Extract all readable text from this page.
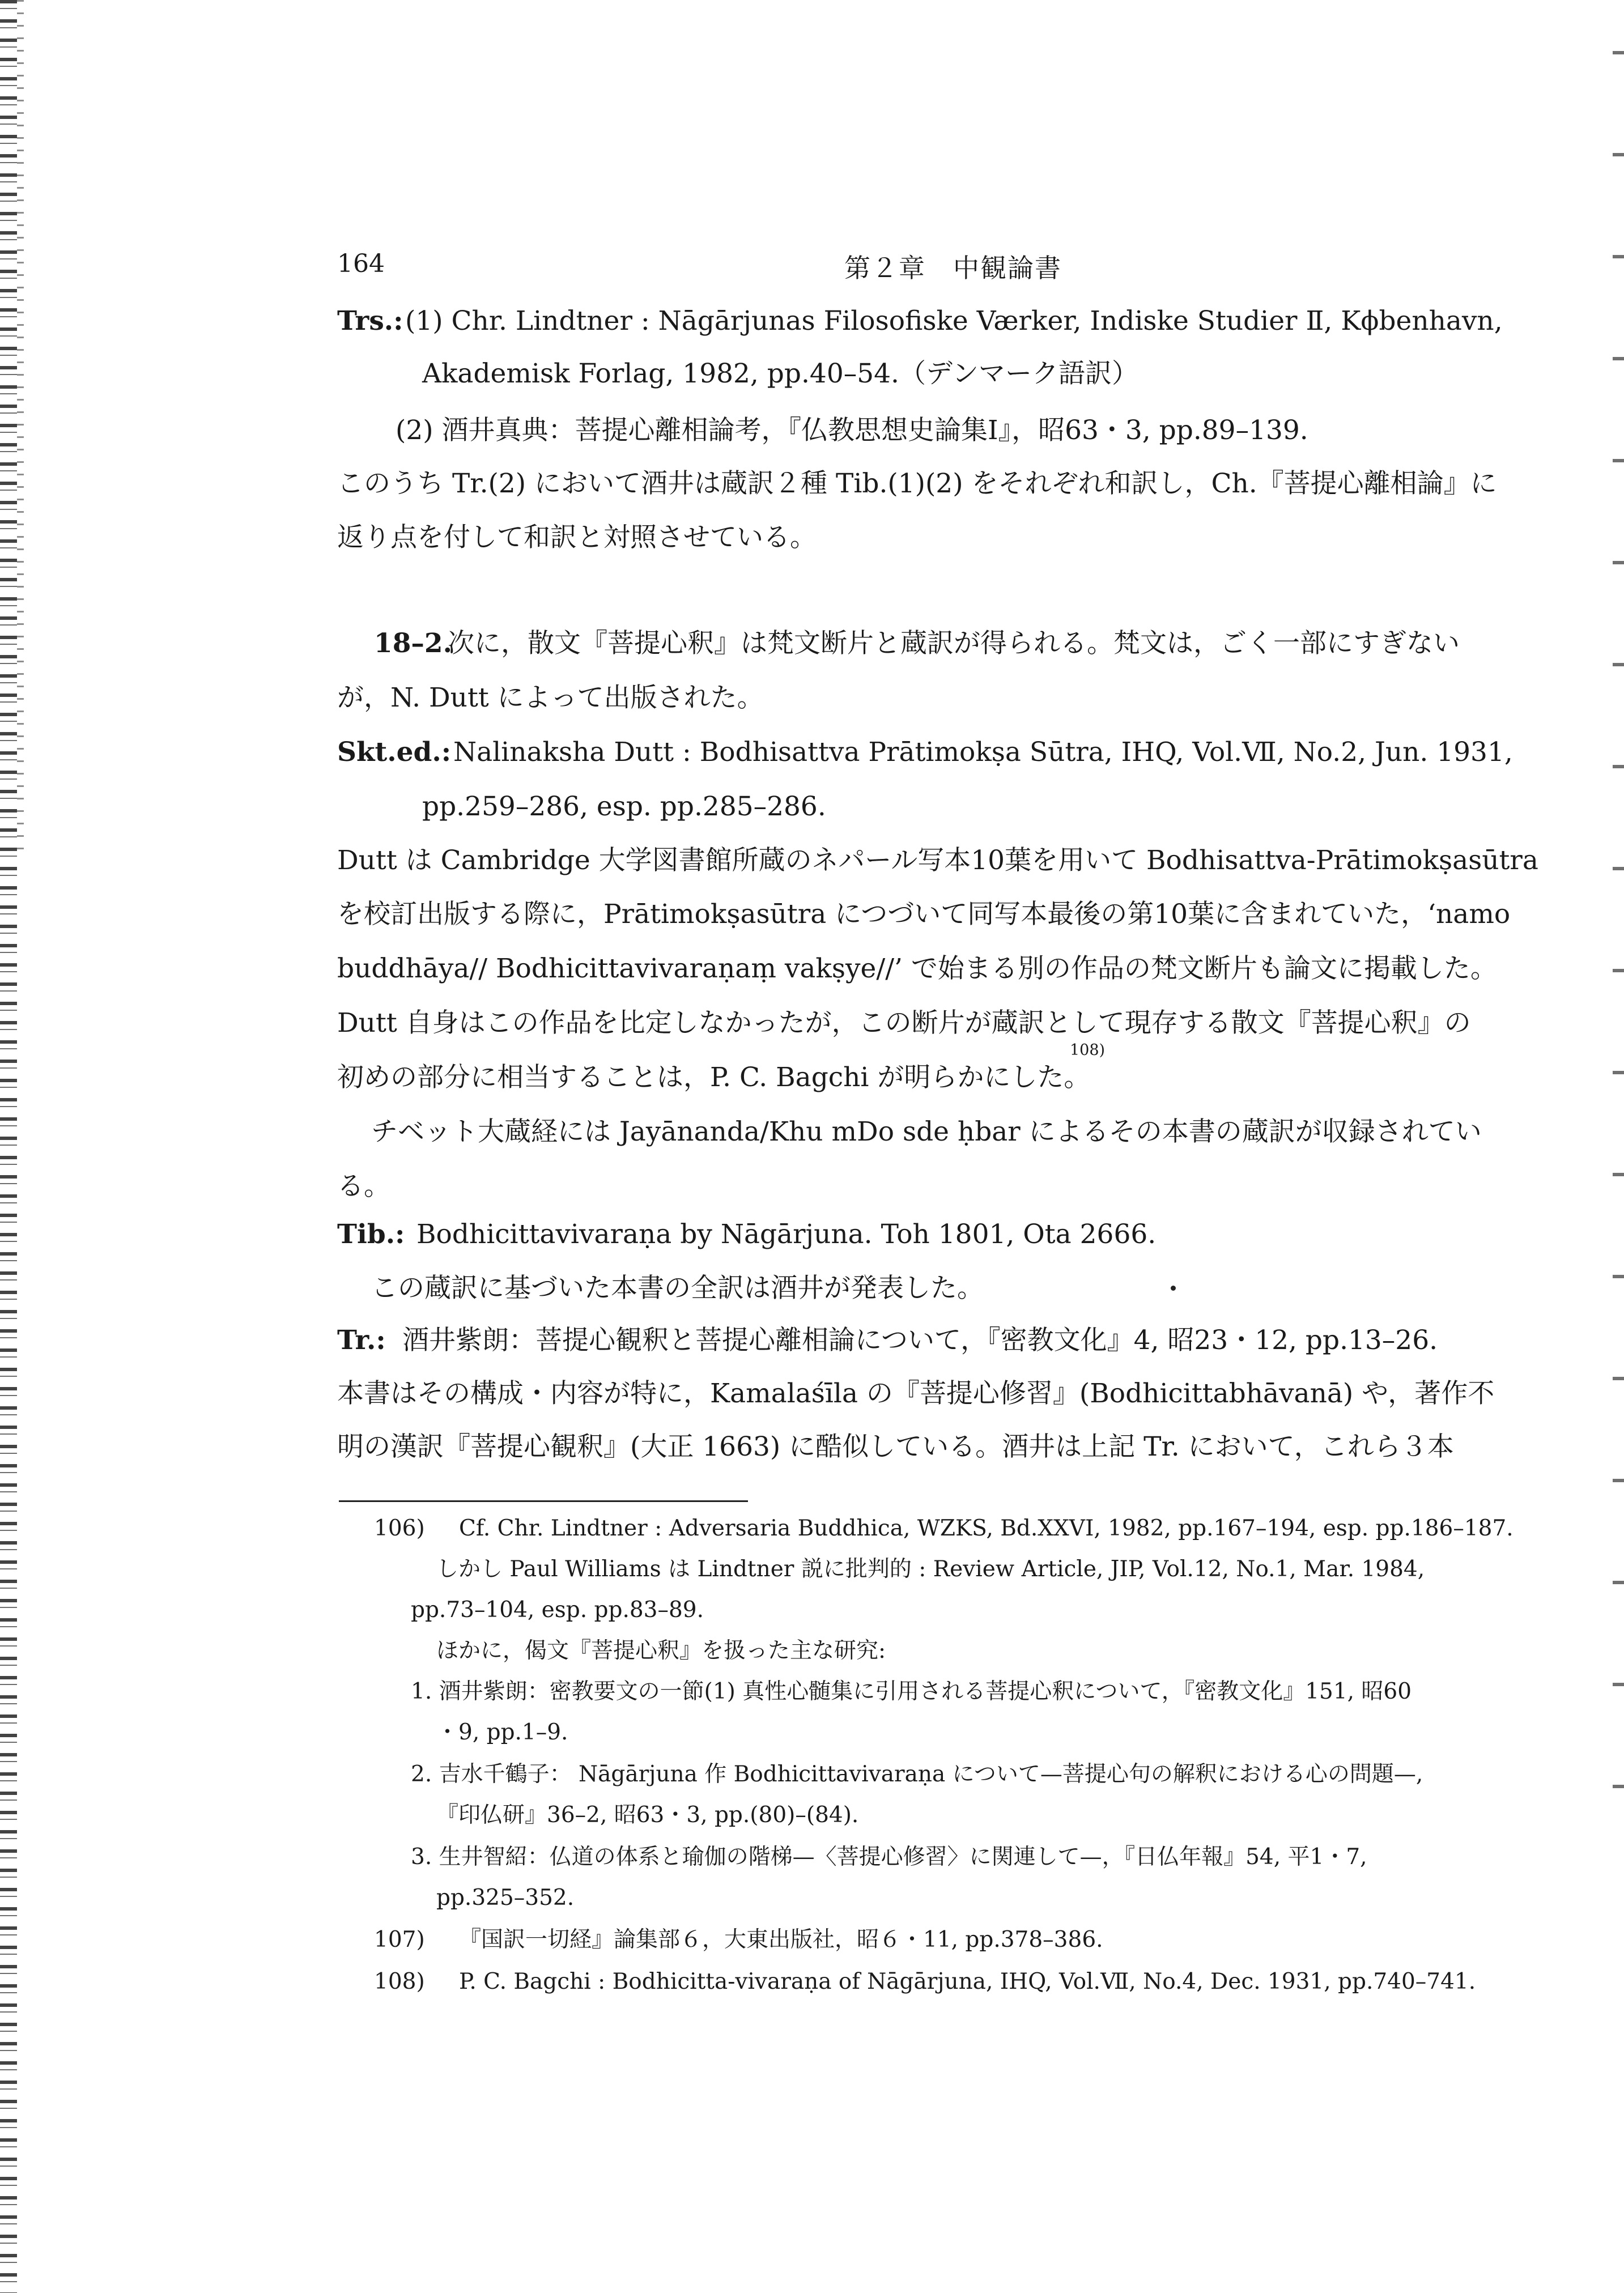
164	第２章　中観論書
Trs.: (1) Chr. Lindtner : Nāgārjunas Filosofiske Værker, Indiske Studier Ⅱ, Kϕbenhavn,
Akademisk Forlag, 1982, pp.40–54.（デンマーク語訳）
(2) 酒井真典：菩提心離相論考，『仏教思想史論集Ⅰ』，昭63・3, pp.89–139.
このうち Tr.(2) において酒井は蔵訳２種 Tib.(1)(2) をそれぞれ和訳し，Ch.『菩提心離相論』に
返り点を付して和訳と対照させている。
18–2.
次に，散文『菩提心釈』は梵文断片と蔵訳が得られる。梵文は，ごく一部にすぎない
が，N. Dutt によって出版された。
Skt.ed.: Nalinaksha Dutt : Bodhisattva Prātimokṣa Sūtra, IHQ, Vol.Ⅶ, No.2, Jun. 1931,
pp.259–286, esp. pp.285–286.
Dutt は Cambridge 大学図書館所蔵のネパール写本10葉を用いて Bodhisattva-Prātimokṣasūtra
を校訂出版する際に，Prātimokṣasūtra につづいて同写本最後の第10葉に含まれていた，‘namo
buddhāya// Bodhicittavivaraṇaṃ vakṣye//’ で始まる別の作品の梵文断片も論文に掲載した。
Dutt 自身はこの作品を比定しなかったが，この断片が蔵訳として現存する散文『菩提心釈』の
初めの部分に相当することは，P. C. Bagchi が明らかにした。
108)
チベット大蔵経には Jayānanda/Khu mDo sde ḥbar によるその本書の蔵訳が収録されてい
る。
Tib.: Bodhicittavivaraṇa by Nāgārjuna. Toh 1801, Ota 2666.
この蔵訳に基づいた本書の全訳は酒井が発表した。
Tr.: 酒井紫朗：菩提心観釈と菩提心離相論について，『密教文化』4, 昭23・12, pp.13–26.
本書はその構成・内容が特に，Kamalaśīla の『菩提心修習』(Bodhicittabhāvanā) や，著作不
明の漢訳『菩提心観釈』(大正 1663) に酷似している。酒井は上記 Tr. において，これら３本
106) Cf. Chr. Lindtner : Adversaria Buddhica, WZKS, Bd.XXVI, 1982, pp.167–194, esp. pp.186–187.
しかし Paul Williams は Lindtner 説に批判的 : Review Article, JIP, Vol.12, No.1, Mar. 1984,
pp.73–104, esp. pp.83–89.
ほかに，偈文『菩提心釈』を扱った主な研究:
1. 酒井紫朗：密教要文の一節(1) 真性心髄集に引用される菩提心釈について，『密教文化』151, 昭60
・9, pp.1–9.
2. 吉水千鶴子： Nāgārjuna 作 Bodhicittavivaraṇa について—菩提心句の解釈における心の問題—,
『印仏研』36–2, 昭63・3, pp.(80)–(84).
3. 生井智紹：仏道の体系と瑜伽の階梯—〈菩提心修習〉に関連して—，『日仏年報』54, 平1・7,
pp.325–352.
107) 『国訳一切経』論集部６，大東出版社，昭６・11, pp.378–386.
108) P. C. Bagchi : Bodhicitta-vivaraṇa of Nāgārjuna, IHQ, Vol.Ⅶ, No.4, Dec. 1931, pp.740–741.
